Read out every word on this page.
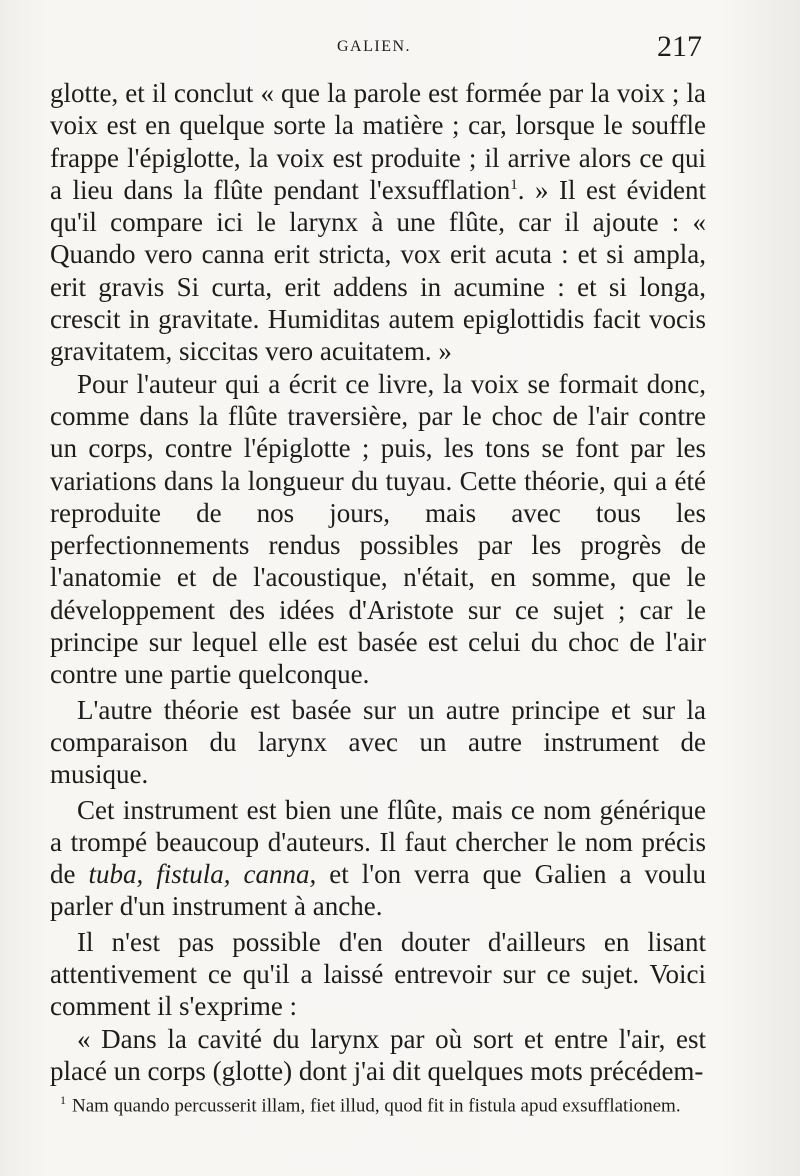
GALIEN.	217

glotte, et il conclut « que la parole est formée par la voix ; la voix est en quelque sorte la matière ; car, lorsque le souffle frappe l'épiglotte, la voix est produite ; il arrive alors ce qui a lieu dans la flûte pendant l'exsufflation$^1$. » Il est évident qu'il compare ici le larynx à une flûte, car il ajoute : « Quando vero canna erit stricta, vox erit acuta : et si ampla, erit gravis Si curta, erit addens in acumine : et si longa, crescit in gravitate. Humiditas autem epiglottidis facit vocis gravitatem, siccitas vero acuitatem. »

Pour l'auteur qui a écrit ce livre, la voix se formait donc, comme dans la flûte traversière, par le choc de l'air contre un corps, contre l'épiglotte ; puis, les tons se font par les variations dans la longueur du tuyau. Cette théorie, qui a été reproduite de nos jours, mais avec tous les perfectionnements rendus possibles par les progrès de l'anatomie et de l'acoustique, n'était, en somme, que le développement des idées d'Aristote sur ce sujet ; car le principe sur lequel elle est basée est celui du choc de l'air contre une partie quelconque.

L'autre théorie est basée sur un autre principe et sur la comparaison du larynx avec un autre instrument de musique.

Cet instrument est bien une flûte, mais ce nom générique a trompé beaucoup d'auteurs. Il faut chercher le nom précis de tuba, fistula, canna, et l'on verra que Galien a voulu parler d'un instrument à anche.

Il n'est pas possible d'en douter d'ailleurs en lisant attentivement ce qu'il a laissé entrevoir sur ce sujet. Voici comment il s'exprime :

« Dans la cavité du larynx par où sort et entre l'air, est placé un corps (glotte) dont j'ai dit quelques mots précédem-

$^1$ Nam quando percusserit illam, fiet illud, quod fit in fistula apud exsufflationem.
